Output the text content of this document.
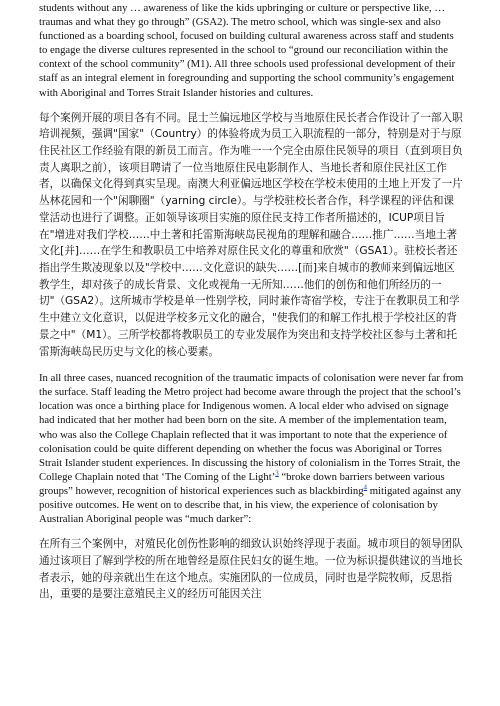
students without any … awareness of like the kids upbringing or culture or perspective like, … traumas and what they go through” (GSA2). The metro school, which was single-sex and also functioned as a boarding school, focused on building cultural awareness across staff and students to engage the diverse cultures represented in the school to “ground our reconciliation within the context of the school community” (M1). All three schools used professional development of their staff as an integral element in foregrounding and supporting the school community’s engagement with Aboriginal and Torres Strait Islander histories and cultures.

每个案例开展的项目各有不同。昆士兰偏远地区学校与当地原住民长者合作设计了一部入职培训视频，强调"国家"（Country）的体验将成为员工入职流程的一部分，特别是对于与原住民社区工作经验有限的新员工而言。作为唯一一个完全由原住民领导的项目（直到项目负责人离职之前），该项目聘请了一位当地原住民电影制作人、当地长者和原住民社区工作者，以确保文化得到真实呈现。南澳大利亚偏远地区学校在学校未使用的土地上开发了一片丛林花园和一个"闲聊圈"（yarning circle）。与学校驻校长者合作，科学课程的评估和课堂活动也进行了调整。正如领导该项目实施的原住民支持工作者所描述的，ICUP项目旨在"增进对我们学校……中土著和托雷斯海峡岛民视角的理解和融合……推广……当地土著文化[并]……在学生和教职员工中培养对原住民文化的尊重和欣赏"（GSA1）。驻校长者还指出学生欺凌现象以及"学校中……文化意识的缺失……[而]来自城市的教师来到偏远地区教学生，却对孩子的成长背景、文化或视角一无所知……他们的创伤和他们所经历的一切"（GSA2）。这所城市学校是单一性别学校，同时兼作寄宿学校，专注于在教职员工和学生中建立文化意识，以促进学校多元文化的融合，"使我们的和解工作扎根于学校社区的背景之中"（M1）。三所学校都将教职员工的专业发展作为突出和支持学校社区参与土著和托雷斯海峡岛民历史与文化的核心要素。

In all three cases, nuanced recognition of the traumatic impacts of colonisation were never far from the surface. Staff leading the Metro project had become aware through the project that the school’s location was once a birthing place for Indigenous women. A local elder who advised on signage had indicated that her mother had been born on the site. A member of the implementation team, who was also the College Chaplain reflected that it was important to note that the experience of colonisation could be quite different depending on whether the focus was Aboriginal or Torres Strait Islander student experiences. In discussing the history of colonialism in the Torres Strait, the College Chaplain noted that ‘The Coming of the Light’$^3$ “broke down barriers between various groups” however, recognition of historical experiences such as blackbirding$^4$ mitigated against any positive outcomes. He went on to describe that, in his view, the experience of colonisation by Australian Aboriginal people was “much darker”:

在所有三个案例中，对殖民化创伤性影响的细致认识始终浮现于表面。城市项目的领导团队通过该项目了解到学校的所在地曾经是原住民妇女的诞生地。一位为标识提供建议的当地长者表示，她的母亲就出生在这个地点。实施团队的一位成员，同时也是学院牧师，反思指出，重要的是要注意殖民主义的经历可能因关注
